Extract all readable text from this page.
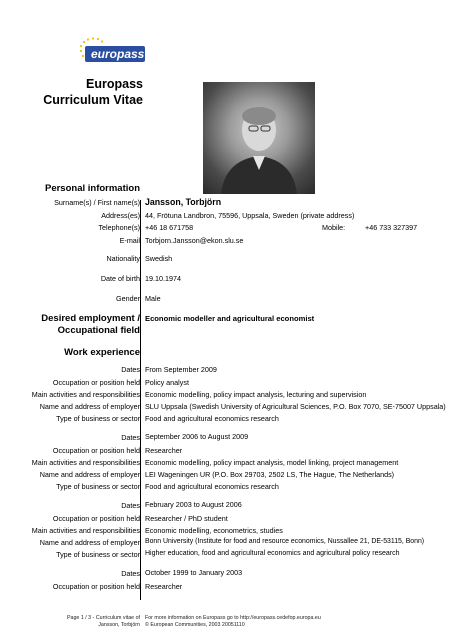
europass
Europass
Curriculum Vitae
Personal information
Surname(s) / First name(s) Jansson, Torbjörn
Address(es) 44, Frötuna Landbron, 75596, Uppsala, Sweden (private address)
Telephone(s) +46 18 671758	Mobile:	+46 733 327397
E-mail Torbjorn.Jansson@ekon.slu.se
Nationality Swedish
Date of birth 19.10.1974
Gender Male
Desired employment /
Occupational field
Economic modeller and agricultural economist
Work experience
Dates From September 2009
Occupation or position held Policy analyst
Main activities and responsibilities Economic modelling, policy impact analysis, lecturing and supervision
Name and address of employer SLU Uppsala (Swedish University of Agricultural Sciences, P.O. Box 7070, SE-75007 Uppsala)
Type of business or sector Food and agricultural economics research
Dates September 2006 to August 2009
Occupation or position held Researcher
Main activities and responsibilities Economic modelling, policy impact analysis, model linking, project management
Name and address of employer LEI Wageningen UR (P.O. Box 29703, 2502 LS, The Hague, The Netherlands)
Type of business or sector Food and agricultural economics research
Dates February 2003 to August 2006
Occupation or position held Researcher / PhD student
Main activities and responsibilities Economic modelling, econometrics, studies
Name and address of employer Bonn University (Institute for food and resource economics, Nussallee 21, DE-53115, Bonn)
Type of business or sector Higher education, food and agricultural economics and agricultural policy research
Dates October 1999 to January 2003
Occupation or position held Researcher
Page 1 / 3 - Curriculum vitae of
Jansson, Torbjörn
For more information on Europass go to http://europass.cedefop.europa.eu
© European Communities, 2003 20051110
